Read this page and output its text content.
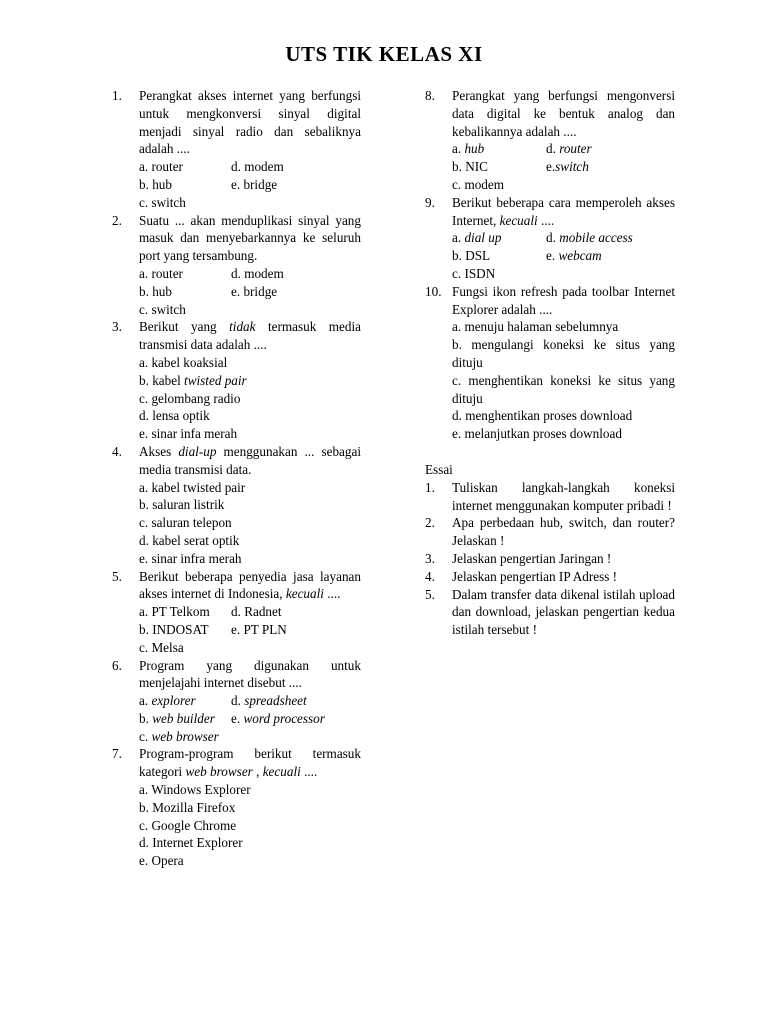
UTS TIK KELAS XI
1. Perangkat akses internet yang berfungsi untuk mengkonversi sinyal digital menjadi sinyal radio dan sebaliknya adalah ....
a. router	d. modem
b. hub	e. bridge
c. switch
2. Suatu ... akan menduplikasi sinyal yang masuk dan menyebarkannya ke seluruh port yang tersambung.
a. router	d. modem
b. hub	e. bridge
c. switch
3. Berikut yang tidak termasuk media transmisi data adalah ....
a. kabel koaksial
b. kabel twisted pair
c. gelombang radio
d. lensa optik
e. sinar infa merah
4. Akses dial-up menggunakan ... sebagai media transmisi data.
a. kabel twisted pair
b. saluran listrik
c. saluran telepon
d. kabel serat optik
e. sinar infra merah
5. Berikut beberapa penyedia jasa layanan akses internet di Indonesia, kecuali ....
a. PT Telkom	d. Radnet
b. INDOSAT	e. PT PLN
c. Melsa
6. Program yang digunakan untuk menjelajahi internet disebut ....
a. explorer	d. spreadsheet
b. web builder	e. word processor
c. web browser
7. Program-program berikut termasuk kategori web browser , kecuali ....
a. Windows Explorer
b. Mozilla Firefox
c. Google Chrome
d. Internet Explorer
e. Opera
8. Perangkat yang berfungsi mengonversi data digital ke bentuk analog dan kebalikannya adalah ....
a. hub	d. router
b. NIC	e.switch
c. modem
9. Berikut beberapa cara memperoleh akses Internet, kecuali ....
a. dial up	d. mobile access
b. DSL	e. webcam
c. ISDN
10. Fungsi ikon refresh pada toolbar Internet Explorer adalah ....
a. menuju halaman sebelumnya
b. mengulangi koneksi ke situs yang dituju
c. menghentikan koneksi ke situs yang dituju
d. menghentikan proses download
e. melanjutkan proses download
Essai
1. Tuliskan langkah-langkah koneksi internet menggunakan komputer pribadi !
2. Apa perbedaan hub, switch, dan router? Jelaskan !
3. Jelaskan pengertian Jaringan !
4. Jelaskan pengertian IP Adress !
5. Dalam transfer data dikenal istilah upload dan download, jelaskan pengertian kedua istilah tersebut !
